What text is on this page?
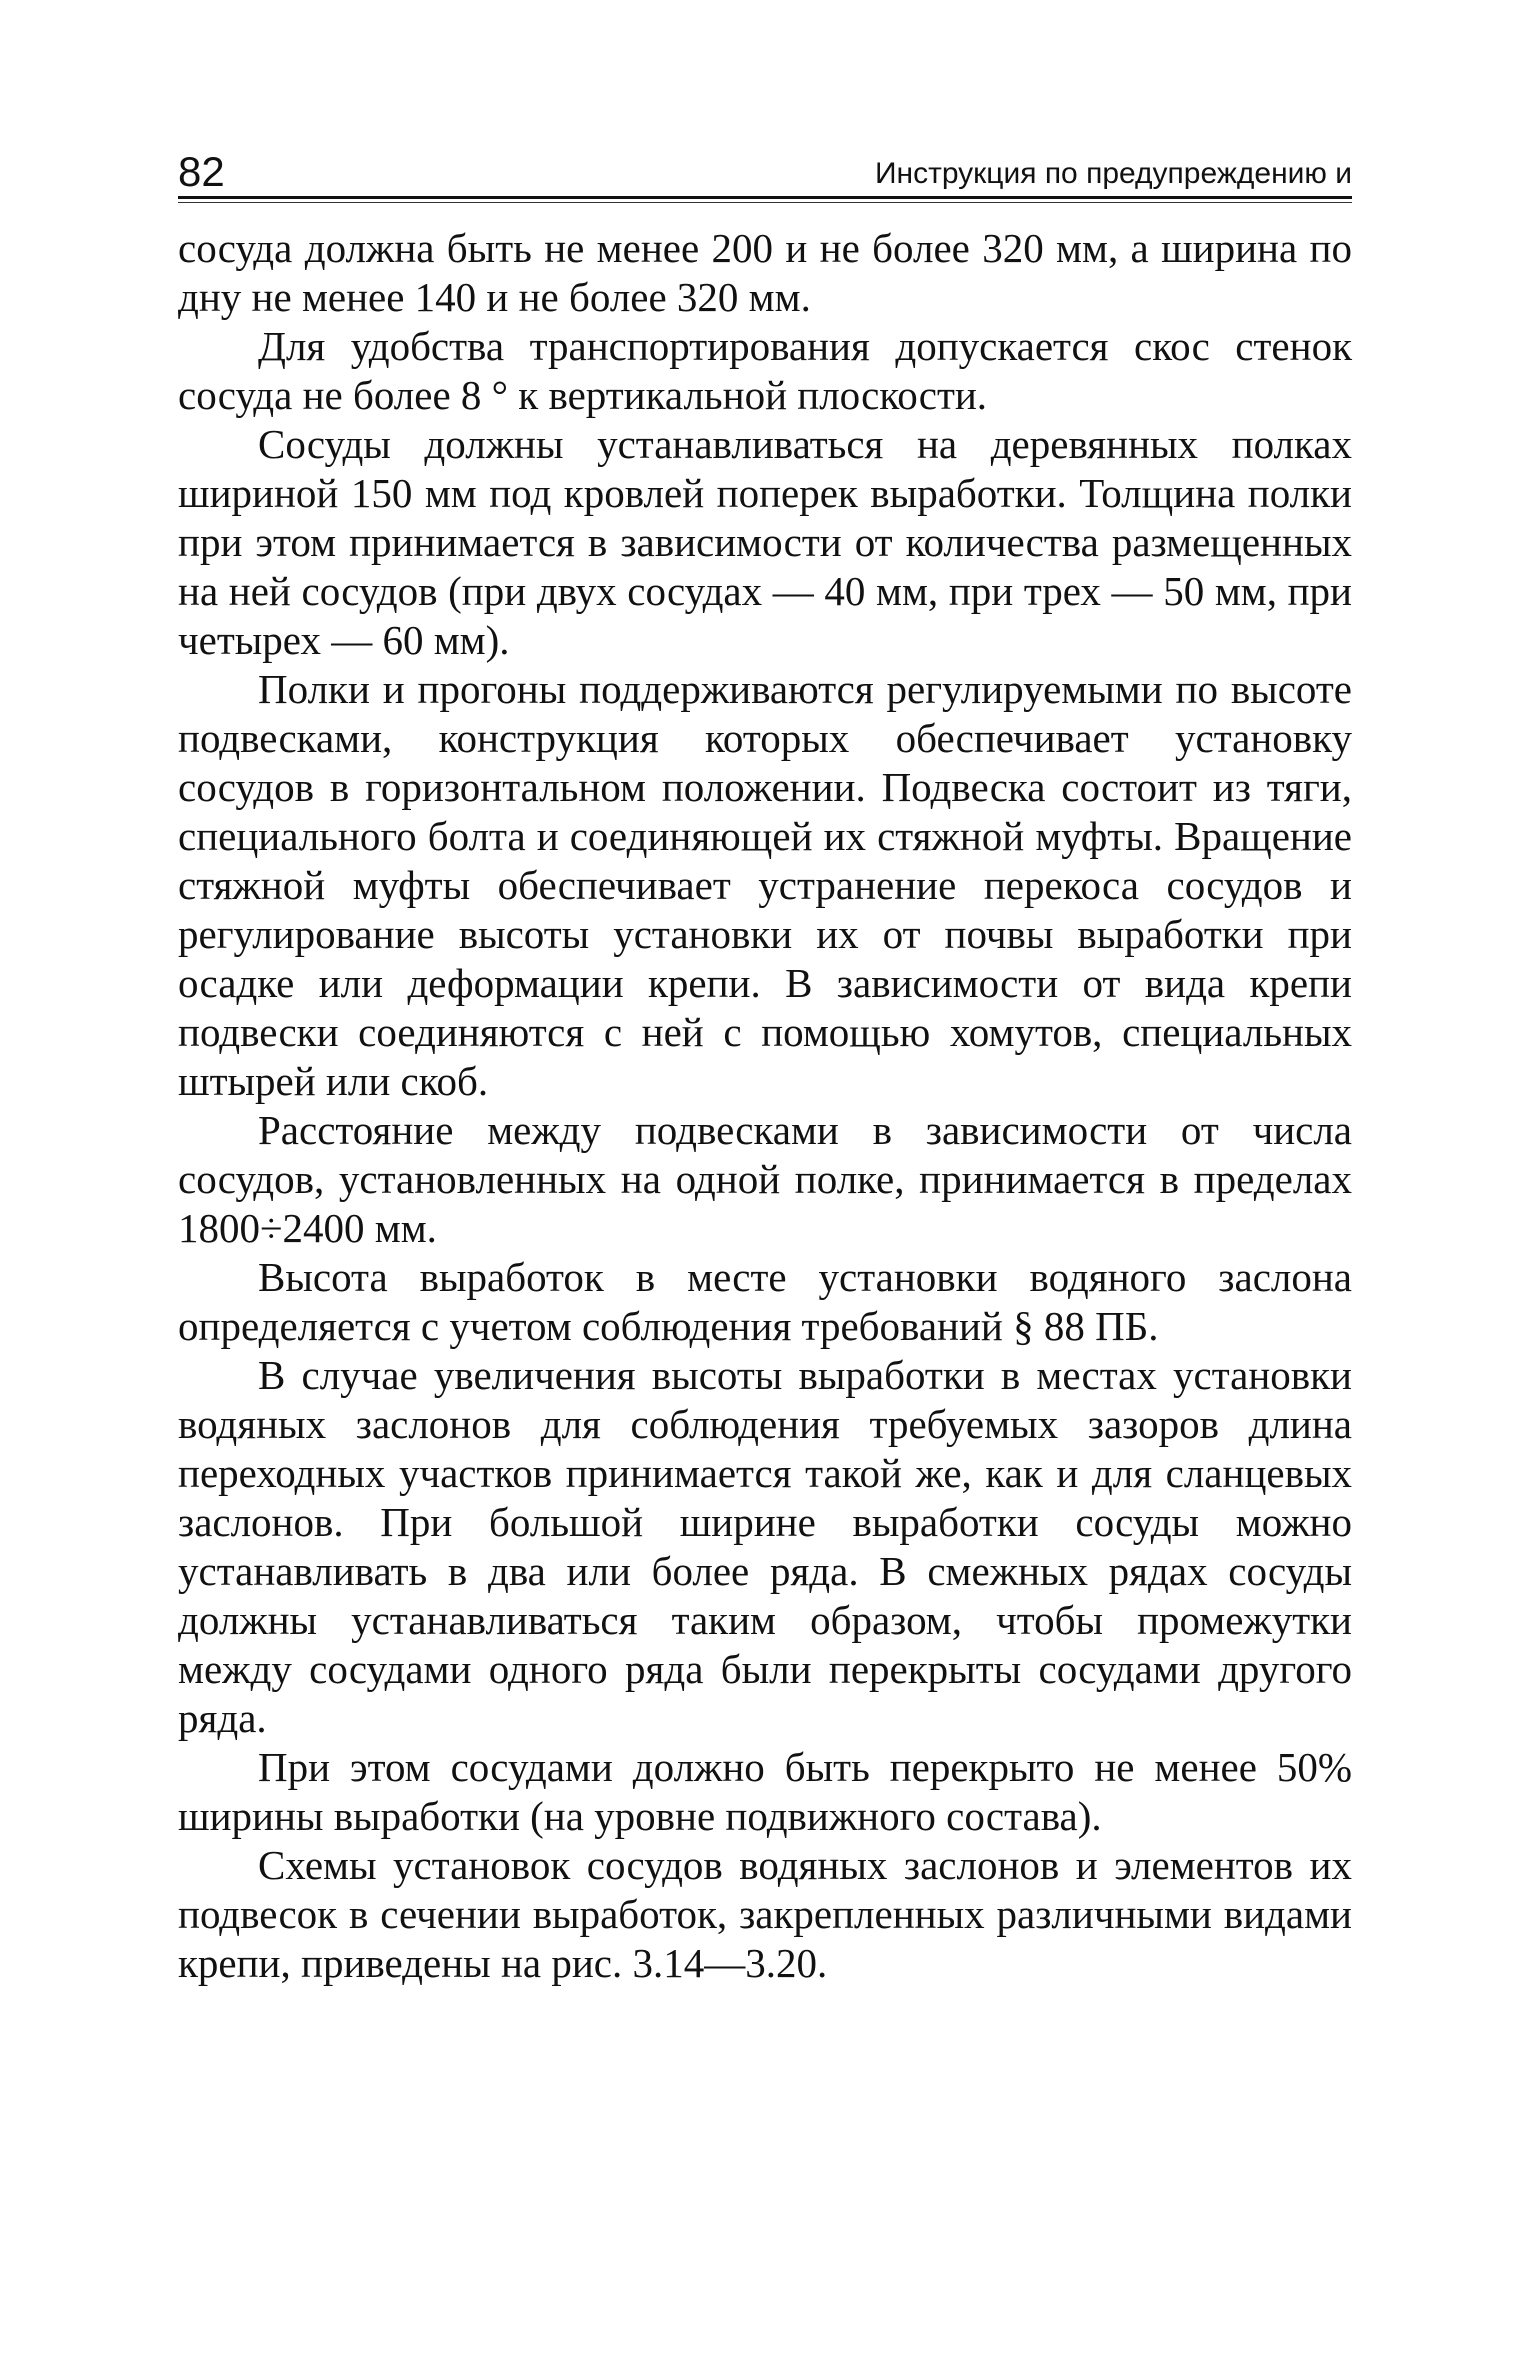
82	Инструкция по предупреждению и

сосуда должна быть не менее 200 и не более 320 мм, а ширина по дну не менее 140 и не более 320 мм.

Для удобства транспортирования допускается скос стенок сосуда не более 8 ° к вертикальной плоскости.

Сосуды должны устанавливаться на деревянных полках шириной 150 мм под кровлей поперек выработки. Толщина полки при этом принимается в зависимости от количества размещенных на ней сосудов (при двух сосудах — 40 мм, при трех — 50 мм, при четырех — 60 мм).

Полки и прогоны поддерживаются регулируемыми по высоте подвесками, конструкция которых обеспечивает установку сосудов в горизонтальном положении. Подвеска состоит из тяги, специального болта и соединяющей их стяжной муфты. Вращение стяжной муфты обеспечивает устранение перекоса сосудов и регулирование высоты установки их от почвы выработки при осадке или деформации крепи. В зависимости от вида крепи подвески соединяются с ней с помощью хомутов, специальных штырей или скоб.

Расстояние между подвесками в зависимости от числа сосудов, установленных на одной полке, принимается в пределах 1800÷2400 мм.

Высота выработок в месте установки водяного заслона определяется с учетом соблюдения требований § 88 ПБ.

В случае увеличения высоты выработки в местах установки водяных заслонов для соблюдения требуемых зазоров длина переходных участков принимается такой же, как и для сланцевых заслонов. При большой ширине выработки сосуды можно устанавливать в два или более ряда. В смежных рядах сосуды должны устанавливаться таким образом, чтобы промежутки между сосудами одного ряда были перекрыты сосудами другого ряда.

При этом сосудами должно быть перекрыто не менее 50% ширины выработки (на уровне подвижного состава).

Схемы установок сосудов водяных заслонов и элементов их подвесок в сечении выработок, закрепленных различными видами крепи, приведены на рис. 3.14—3.20.
